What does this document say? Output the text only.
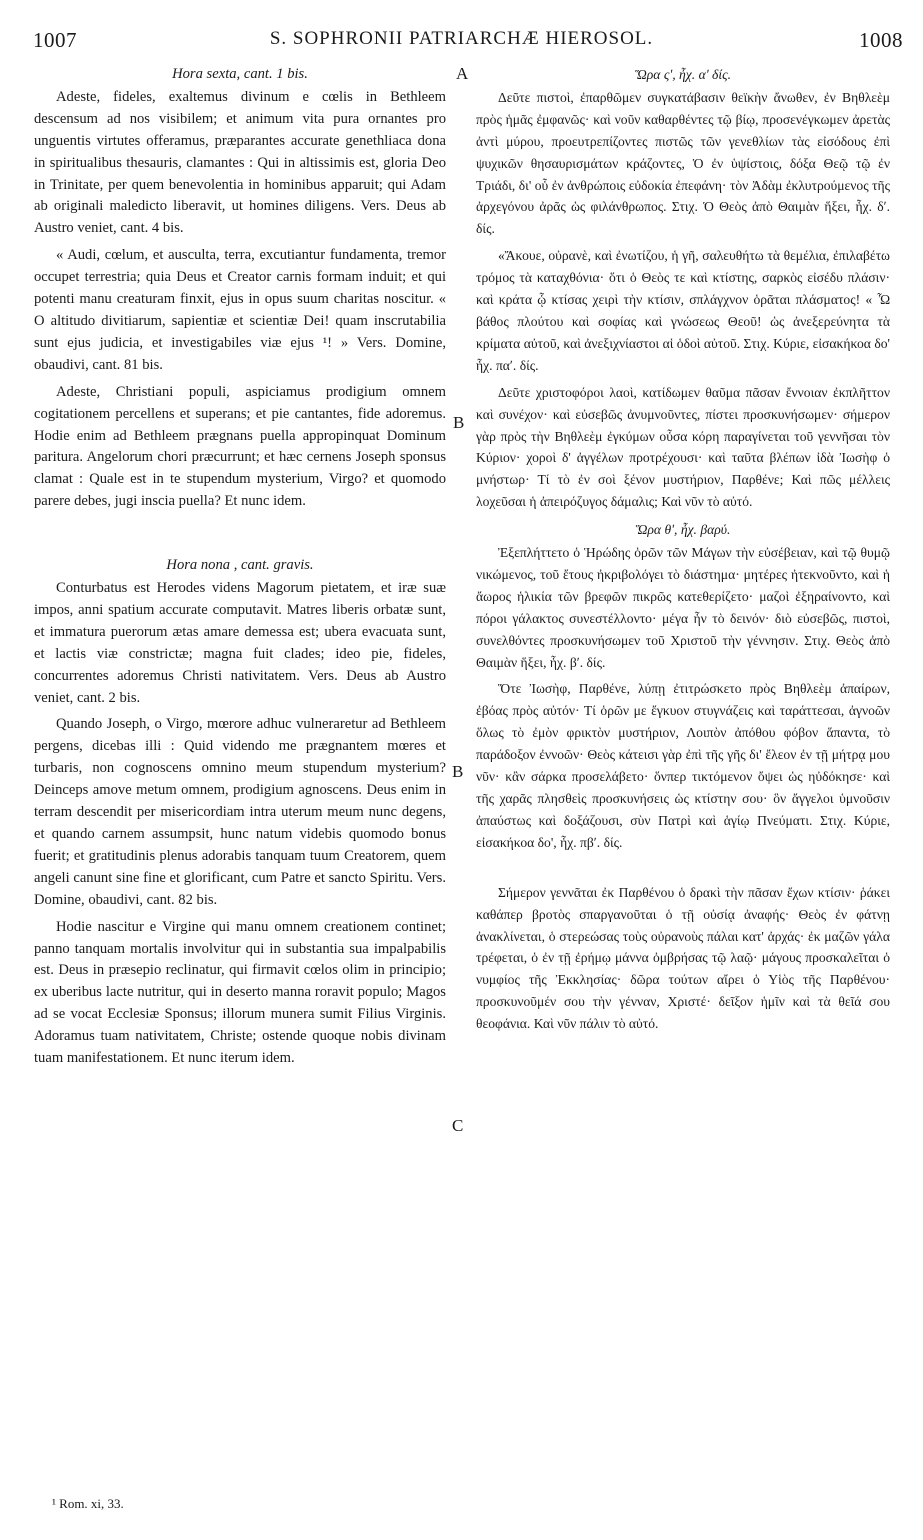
S. SOPHRONII PATRIARCHÆ HIEROSOL.
1007	1008
A
B
B
C

Hora sexta, cant. 1 bis.

Adeste, fideles, exaltemus divinum e cœlis in Bethleem descensum ad nos visibilem; et animum vita pura ornantes pro unguentis virtutes offeramus, præparantes accurate genethliaca dona in spiritualibus thesauris, clamantes : Qui in altissimis est, gloria Deo in Trinitate, per quem benevolentia in hominibus apparuit; qui Adam ab originali maledicto liberavit, ut homines diligens. Vers. Deus ab Austro veniet, cant. 4 bis.

« Audi, cœlum, et ausculta, terra, excutiantur fundamenta, tremor occupet terrestria; quia Deus et Creator carnis formam induit; et qui potenti manu creaturam finxit, ejus in opus suum charitas noscitur. « O altitudo divitiarum, sapientiæ et scientiæ Dei! quam inscrutabilia sunt ejus judicia, et investigabiles viæ ejus ¹! » Vers. Domine, obaudivi, cant. 81 bis.

Adeste, Christiani populi, aspiciamus prodigium omnem cogitationem percellens et superans; et pie cantantes, fide adoremus. Hodie enim ad Bethleem prægnans puella appropinquat Dominum paritura. Angelorum chori præcurrunt; et hæc cernens Joseph sponsus clamat : Quale est in te stupendum mysterium, Virgo? et quomodo parere debes, jugi inscia puella? Et nunc idem.

Hora nona , cant. gravis.

Conturbatus est Herodes videns Magorum pietatem, et iræ suæ impos, anni spatium accurate computavit. Matres liberis orbatæ sunt, et immatura puerorum ætas amare demessa est; ubera evacuata sunt, et lactis viæ constrictæ; magna fuit clades; ideo pie, fideles, concurrentes adoremus Christi nativitatem. Vers. Deus ab Austro veniet, cant. 2 bis.

Quando Joseph, o Virgo, mœrore adhuc vulneraretur ad Bethleem pergens, dicebas illi : Quid videndo me prægnantem mœres et turbaris, non cognoscens omnino meum stupendum mysterium? Deinceps amove metum omnem, prodigium agnoscens. Deus enim in terram descendit per misericordiam intra uterum meum nunc degens, et quando carnem assumpsit, hunc natum videbis quomodo bonus fuerit; et gratitudinis plenus adorabis tanquam tuum Creatorem, quem angeli canunt sine fine et glorificant, cum Patre et sancto Spiritu. Vers. Domine, obaudivi, cant. 82 bis.

Hodie nascitur e Virgine qui manu omnem creationem continet; panno tanquam mortalis involvitur qui in substantia sua impalpabilis est. Deus in præsepio reclinatur, qui firmavit cœlos olim in principio; ex uberibus lacte nutritur, qui in deserto manna roravit populo; Magos ad se vocat Ecclesiæ Sponsus; illorum munera sumit Filius Virginis. Adoramus tuam nativitatem, Christe; ostende quoque nobis divinam tuam manifestationem. Et nunc iterum idem.

Ὥρα ςʹ, ἦχ. αʹ δίς.

Δεῦτε πιστοὶ, ἐπαρθῶμεν συγκατάβασιν θεϊκὴν ἄνωθεν, ἐν Βηθλεὲμ πρὸς ἡμᾶς ἐμφανῶς· καὶ νοῦν καθαρθέντες τῷ βίῳ, προσενέγκωμεν ἀρετὰς ἀντὶ μύρου, προευτρεπίζοντες πιστῶς τῶν γενεθλίων τὰς εἰσόδους ἐπὶ ψυχικῶν θησαυρισμάτων κράζοντες, Ὁ ἐν ὑψίστοις, δόξα Θεῷ τῷ ἐν Τριάδι, δι' οὗ ἐν ἀνθρώποις εὐδοκία ἐπεφάνη· τὸν Ἀδὰμ ἐκλυτρούμενος τῆς ἀρχεγόνου ἀρᾶς ὡς φιλάνθρωπος. Στιχ. Ὁ Θεὸς ἀπὸ Θαιμὰν ἥξει, ἦχ. δʹ. δίς.

«Ἄκουε, οὐρανὲ, καὶ ἐνωτίζου, ἡ γῆ, σαλευθήτω τὰ θεμέλια, ἐπιλαβέτω τρόμος τὰ καταχθόνια· ὅτι ὁ Θεὸς τε καὶ κτίστης, σαρκὸς εἰσέδυ πλάσιν· καὶ κράτα ᾧ κτίσας χειρὶ τὴν κτίσιν, σπλάγχνον ὁρᾶται πλάσματος! « Ὦ βάθος πλούτου καὶ σοφίας καὶ γνώσεως Θεοῦ! ὡς ἀνεξερεύνητα τὰ κρίματα αὐτοῦ, καὶ ἀνεξιχνίαστοι αἱ ὁδοὶ αὐτοῦ. Στιχ. Κύριε, εἰσακήκοα δο' ἦχ. παʹ. δίς.

Δεῦτε χριστοφόροι λαοὶ, κατίδωμεν θαῦμα πᾶσαν ἔννοιαν ἐκπλῆττον καὶ συνέχον· καὶ εὐσεβῶς ἀνυμνοῦντες, πίστει προσκυνήσωμεν· σήμερον γὰρ πρὸς τὴν Βηθλεὲμ ἐγκύμων οὖσα κόρη παραγίνεται τοῦ γεννῆσαι τὸν Κύριον· χοροὶ δ' ἀγγέλων προτρέχουσι· καὶ ταῦτα βλέπων ἰδὰ Ἰωσὴφ ὁ μνήστωρ· Τί τὸ ἐν σοὶ ξένον μυστήριον, Παρθένε; Καὶ πῶς μέλλεις λοχεῦσαι ἡ ἀπειρόζυγος δάμαλις; Καὶ νῦν τὸ αὐτό.

Ὥρα θʹ, ἦχ. βαρύ.

Ἐξεπλήττετο ὁ Ἡρώδης ὁρῶν τῶν Μάγων τὴν εὐσέβειαν, καὶ τῷ θυμῷ νικώμενος, τοῦ ἔτους ἠκριβολόγει τὸ διάστημα· μητέρες ἠτεκνοῦντο, καὶ ἡ ἄωρος ἡλικία τῶν βρεφῶν πικρῶς κατεθερίζετο· μαζοὶ ἐξηραίνοντο, καὶ πόροι γάλακτος συνεστέλλοντο· μέγα ἦν τὸ δεινόν· διὸ εὐσεβῶς, πιστοὶ, συνελθόντες προσκυνήσωμεν τοῦ Χριστοῦ τὴν γέννησιν. Στιχ. Θεὸς ἀπὸ Θαιμὰν ἥξει, ἦχ. βʹ. δίς.

Ὅτε Ἰωσὴφ, Παρθένε, λύπῃ ἐτιτρώσκετο πρὸς Βηθλεὲμ ἀπαίρων, ἐβόας πρὸς αὐτόν· Τί ὁρῶν με ἔγκυον στυγνάζεις καὶ ταράττεσαι, ἀγνοῶν ὅλως τὸ ἐμὸν φρικτὸν μυστήριον, Λοιπὸν ἀπόθου φόβον ἅπαντα, τὸ παράδοξον ἐννοῶν· Θεὸς κάτεισι γὰρ ἐπὶ τῆς γῆς δι' ἔλεον ἐν τῇ μήτρᾳ μου νῦν· κἂν σάρκα προσελάβετο· ὅνπερ τικτόμενον ὄψει ὡς ηὐδόκησε· καὶ τῆς χαρᾶς πλησθεὶς προσκυνήσεις ὡς κτίστην σου· ὃν ἄγγελοι ὑμνοῦσιν ἀπαύστως καὶ δοξάζουσι, σὺν Πατρὶ καὶ ἁγίῳ Πνεύματι. Στιχ. Κύριε, εἰσακήκοα δο', ἦχ. πβʹ. δίς.

Σήμερον γεννᾶται ἐκ Παρθένου ὁ δρακὶ τὴν πᾶσαν ἔχων κτίσιν· ῥάκει καθάπερ βροτὸς σπαργανοῦται ὁ τῇ οὐσίᾳ ἀναφής· Θεὸς ἐν φάτνῃ ἀνακλίνεται, ὁ στερεώσας τοὺς οὐρανοὺς πάλαι κατ' ἀρχάς· ἐκ μαζῶν γάλα τρέφεται, ὁ ἐν τῇ ἐρήμῳ μάννα ὀμβρήσας τῷ λαῷ· μάγους προσκαλεῖται ὁ νυμφίος τῆς Ἐκκλησίας· δῶρα τούτων αἴρει ὁ Υἱὸς τῆς Παρθένου· προσκυνοῦμέν σου τὴν γένναν, Χριστέ· δεῖξον ἡμῖν καὶ τὰ θεῖά σου θεοφάνια. Καὶ νῦν πάλιν τὸ αὐτό.

¹ Rom. xi, 33.
